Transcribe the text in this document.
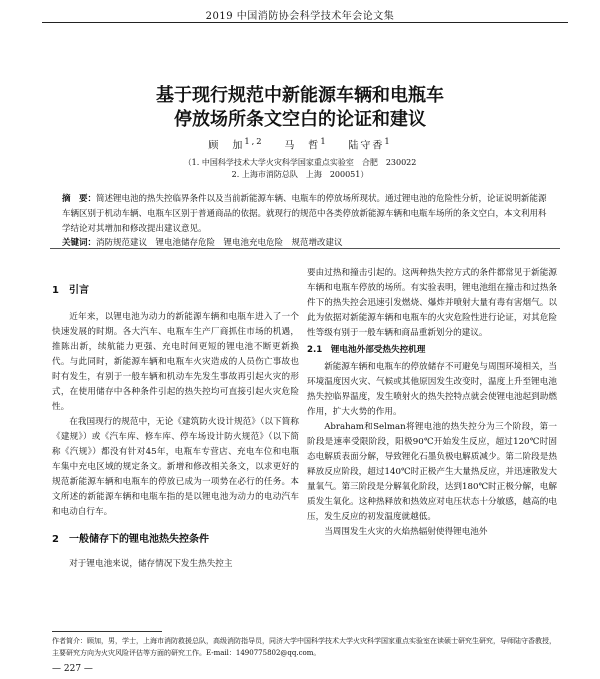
2019 中国消防协会科学技术年会论文集
基于现行规范中新能源车辆和电瓶车
停放场所条文空白的论证和建议
顾　加$^{1,2}$ 马　哲$^1$ 陆守香$^1$
（1. 中国科学技术大学火灾科学国家重点实验室　合肥　230022
2. 上海市消防总队　上海　200051）
摘　要：简述锂电池的热失控临界条件以及当前新能源车辆、电瓶车的停放场所现状。通过锂电池的危险性分析，论证说明新能源车辆区别于机动车辆、电瓶车区别于普通商品的依据。就现行的规范中各类停放新能源车辆和电瓶车场所的条文空白，本文利用科学结论对其增加和修改提出建议意见。
关键词：消防规范建议　锂电池储存危险　锂电池充电危险　规范增改建议
1　引言

近年来，以锂电池为动力的新能源车辆和电瓶车进入了一个快速发展的时期。各大汽车、电瓶车生产厂商抓住市场的机遇，推陈出新，续航能力更强、充电时间更短的锂电池不断更新换代。与此同时，新能源车辆和电瓶车火灾造成的人员伤亡事故也时有发生，有别于一般车辆和机动车先发生事故再引起火灾的形式，在使用储存中各种条件引起的热失控均可直接引起火灾危险性。

在我国现行的规范中，无论《建筑防火设计规范》（以下简称《建规》）或《汽车库、修车库、停车场设计防火规范》（以下简称《汽规》）都没有针对45年，电瓶车专营店、充电车位和电瓶车集中充电区域的规定条文。新增和修改相关条文，以求更好的规范新能源车辆和电瓶车的停放已成为一项势在必行的任务。本文所述的新能源车辆和电瓶车指的是以锂电池为动力的电动汽车和电动自行车。

2　一般储存下的锂电池热失控条件

对于锂电池来说，储存情况下发生热失控主

要由过热和撞击引起的。这两种热失控方式的条件都常见于新能源车辆和电瓶车停放的场所。有实验表明，锂电池组在撞击和过热条件下的热失控会迅速引发燃烧、爆炸并喷射大量有毒有害烟气。以此为依据对新能源车辆和电瓶车的火灾危险性进行论证，对其危险性等级有别于一般车辆和商品重新划分的建议。

2.1　锂电池外部受热失控机理

新能源车辆和电瓶车的停放储存不可避免与周围环境相关，当环境温度因火灾、气候或其他原因发生改变时，温度上升至锂电池热失控临界温度，发生喷射火的热失控特点就会使锂电池起到助燃作用，扩大火势的作用。

Abraham和Selman将锂电池的热失控分为三个阶段，第一阶段是速率受限阶段，阳极90℃开始发生反应，超过120℃时固态电解质表面分解，导致锂化石墨负极电解质减少。第二阶段是热释放反应阶段，超过140℃时正极产生大量热反应，并迅速散发大量氧气。第三阶段是分解氧化阶段，达到180℃时正极分解，电解质发生氧化。这种热释放和热效应对电压状态十分敏感，越高的电压，发生反应的初发温度就越低。

当周围发生火灾的火焰热辐射使得锂电池外

作者简介：顾加，男，学士，上海市消防救援总队，高级消防指导员，同济大学中国科学技术大学火灾科学国家重点实验室在读硕士研究生研究，导师陆守香教授，主要研究方向为火灾风险评估等方面的研究工作。E-mail：1490775802@qq.com。
— 227 —
